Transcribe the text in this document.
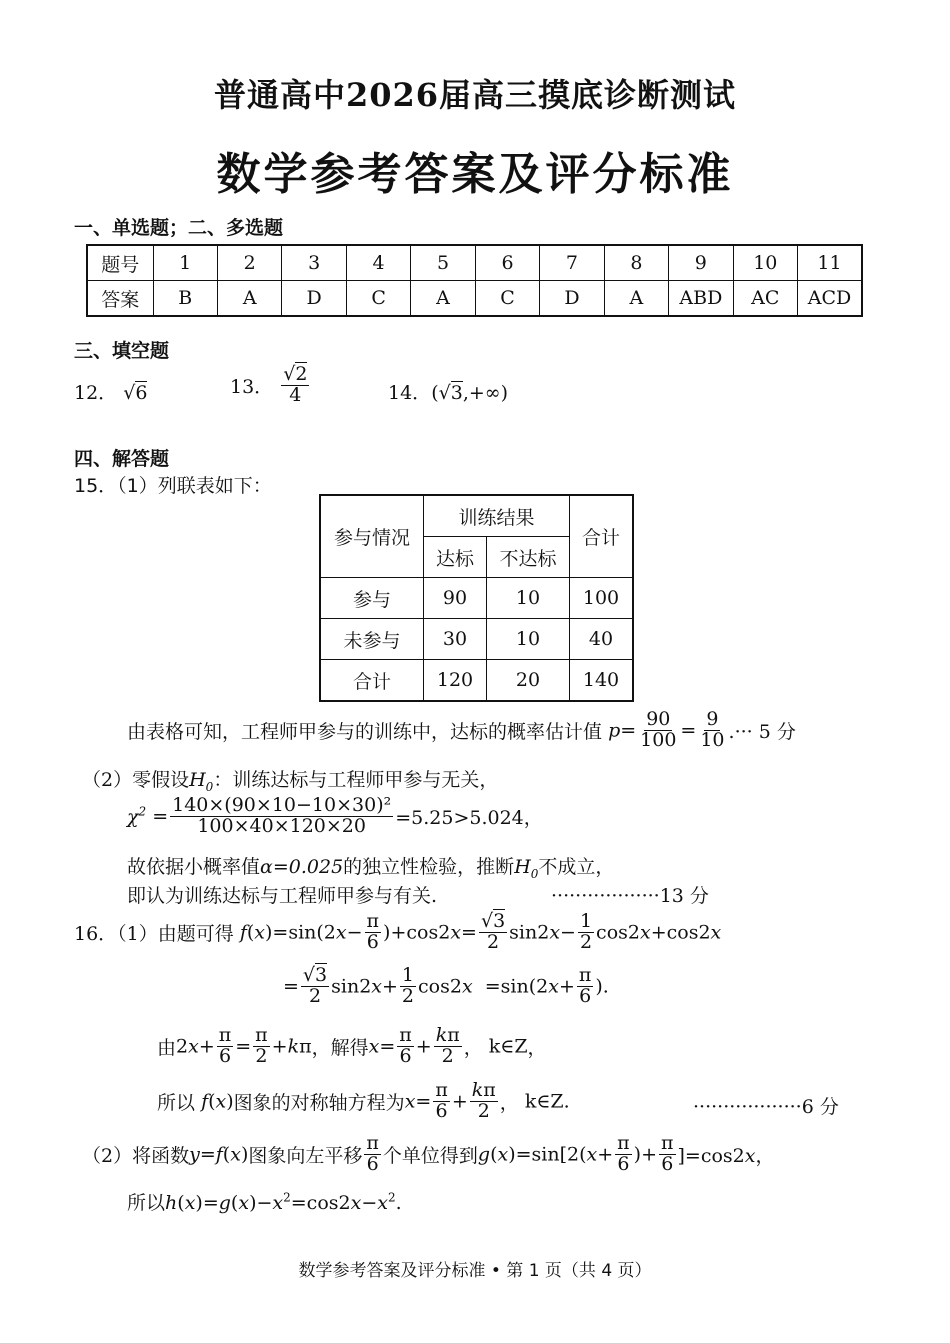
普通高中2026届高三摸底诊断测试
数学参考答案及评分标准
一、单选题；二、多选题
题号	1	2	3	4	5	6	7	8	9	10	11
答案	B	A	D	C	A	C	D	A	ABD	AC	ACD
三、填空题
12． √6	13． $\frac{√2}{4}$	14．(√3,+∞)
四、解答题
15．（1）列联表如下：
参与情况	训练结果		合计
	达标	不达标	
参与	90	10	100
未参与	30	10	40
合计	120	20	140
由表格可知，工程师甲参与的训练中，达标的概率估计值 $p= \frac{90}{100} = \frac{9}{10}$ .··· 5 分
（2）零假设$H_0$：训练达标与工程师甲参与无关，
$\chi^2 = \frac{\text{140×(90×10−10×30)²}}{100\times 40\times 120\times 20} =5.25>5.024$，
故依据小概率值α=0.025的独立性检验，推断$H_0$不成立，
即认为训练达标与工程师甲参与有关.	··················13 分
16．（1）由题可得 $f(x)=\sin(2x- \frac{\pi}{6} )+\cos 2x= \frac{√3}{2} \sin 2x- \frac{1}{2} \cos 2x+\cos 2x$
= $\frac{√3}{2} \sin 2x+ \frac{1}{2} \cos 2x =\sin(2x+ \frac{\pi}{6}$ ).
由$2x+ \frac{\pi}{6} = \frac{\pi}{2} +k\pi$，解得$x= \frac{\pi}{6} + \frac{k\pi}{2}$ ， k∈Z，
所以 f(x)图象的对称轴方程为$x= \frac{\pi}{6} + \frac{k\pi}{2}$ ， k∈Z.	··················6 分
（2）将函数y=f(x)图象向左平移 $\frac{\pi}{6}$ 个单位得到$g(x)=\sin[2(x+ \frac{\pi}{6}$ )+ $\frac{\pi}{6} ]=\cos 2x$，
所以$h(x)=g(x)-x^2=\cos 2x-x^2$.
数学参考答案及评分标准 • 第 1 页（共 4 页）
